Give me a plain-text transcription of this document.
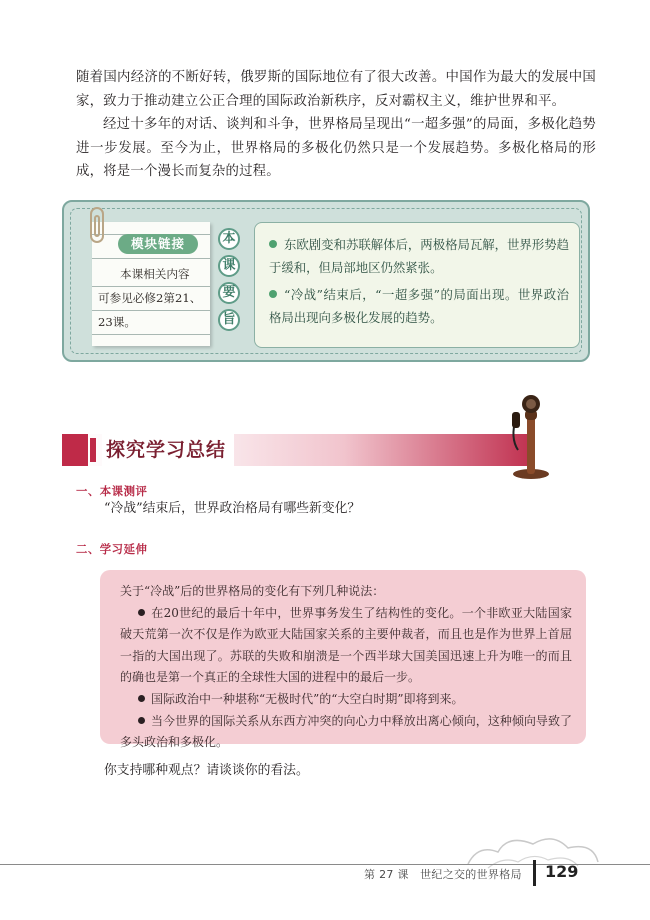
随着国内经济的不断好转，俄罗斯的国际地位有了很大改善。中国作为最大的发展中国家，致力于推动建立公正合理的国际政治新秩序，反对霸权主义，维护世界和平。

经过十多年的对话、谈判和斗争，世界格局呈现出“一超多强”的局面，多极化趋势进一步发展。至今为止，世界格局的多极化仍然只是一个发展趋势。多极化格局的形成，将是一个漫长而复杂的过程。

模块链接
本课相关内容
可参见必修2第21、
23课。
本
课
要
旨
东欧剧变和苏联解体后，两极格局瓦解，世界形势趋于缓和，但局部地区仍然紧张。
“冷战”结束后，“一超多强”的局面出现。世界政治格局出现向多极化发展的趋势。
探究学习总结
一、本课测评
“冷战”结束后，世界政治格局有哪些新变化？
二、学习延伸

关于“冷战”后的世界格局的变化有下列几种说法：

在20世纪的最后十年中，世界事务发生了结构性的变化。一个非欧亚大陆国家破天荒第一次不仅是作为欧亚大陆国家关系的主要仲裁者，而且也是作为世界上首屈一指的大国出现了。苏联的失败和崩溃是一个西半球大国美国迅速上升为唯一的而且的确也是第一个真正的全球性大国的进程中的最后一步。

国际政治中一种堪称“无极时代”的“大空白时期”即将到来。

当今世界的国际关系从东西方冲突的向心力中释放出离心倾向，这种倾向导致了多头政治和多极化。

你支持哪种观点？请谈谈你的看法。
第 27 课　世纪之交的世界格局 129
